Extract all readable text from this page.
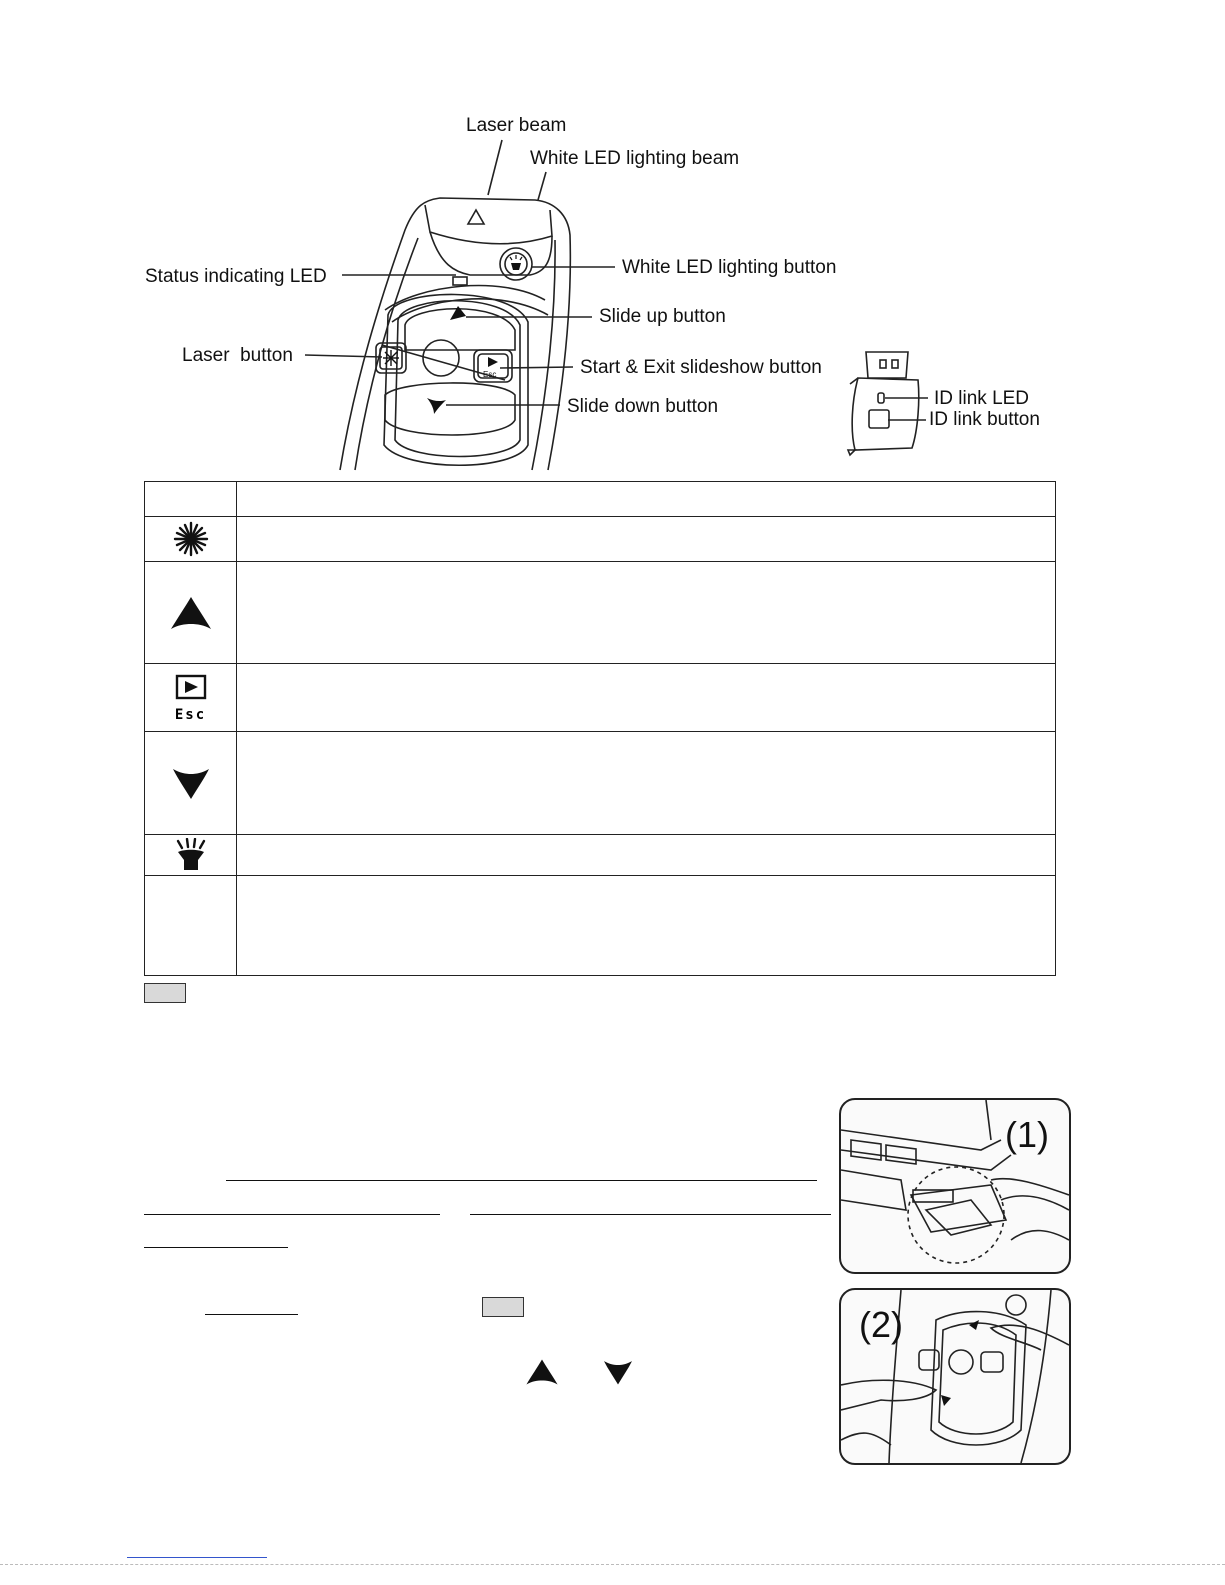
Esc
Laser beam
White LED lighting beam
White LED lighting button
Status indicating LED
Slide up button
Laser  button
Start & Exit slideshow button
Slide down button	ID link LED
ID link button

Esc	

(1)
(2)
